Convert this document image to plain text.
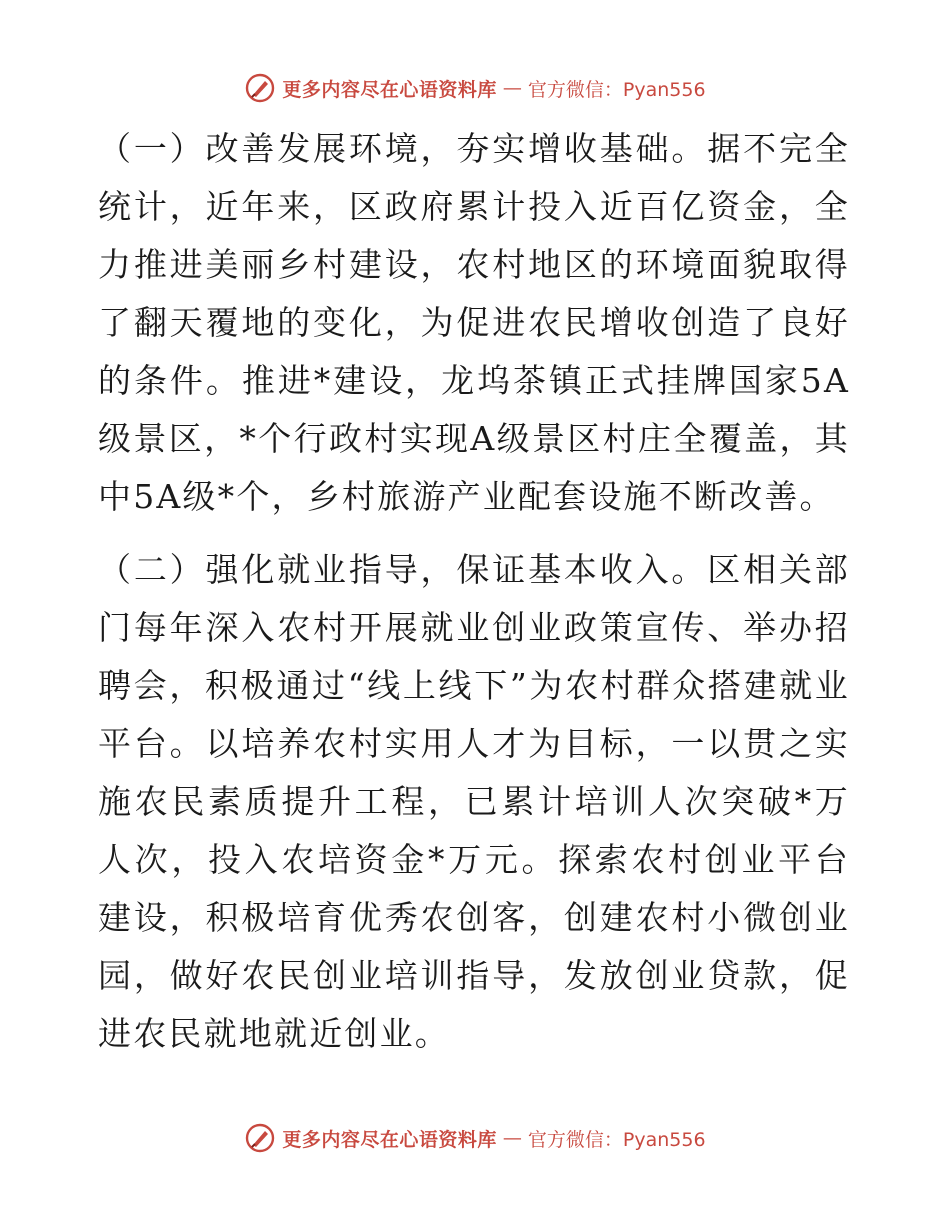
更多内容尽在心语资料库 — 官方微信：Pyan556

（一）改善发展环境，夯实增收基础。据不完全统计，近年来，区政府累计投入近百亿资金，全力推进美丽乡村建设，农村地区的环境面貌取得了翻天覆地的变化，为促进农民增收创造了良好的条件。推进*建设，龙坞茶镇正式挂牌国家5A级景区，*个行政村实现A级景区村庄全覆盖，其中5A级*个，乡村旅游产业配套设施不断改善。

（二）强化就业指导，保证基本收入。区相关部门每年深入农村开展就业创业政策宣传、举办招聘会，积极通过“线上线下”为农村群众搭建就业平台。以培养农村实用人才为目标，一以贯之实施农民素质提升工程，已累计培训人次突破*万人次，投入农培资金*万元。探索农村创业平台建设，积极培育优秀农创客，创建农村小微创业园，做好农民创业培训指导，发放创业贷款，促进农民就地就近创业。

更多内容尽在心语资料库 — 官方微信：Pyan556
